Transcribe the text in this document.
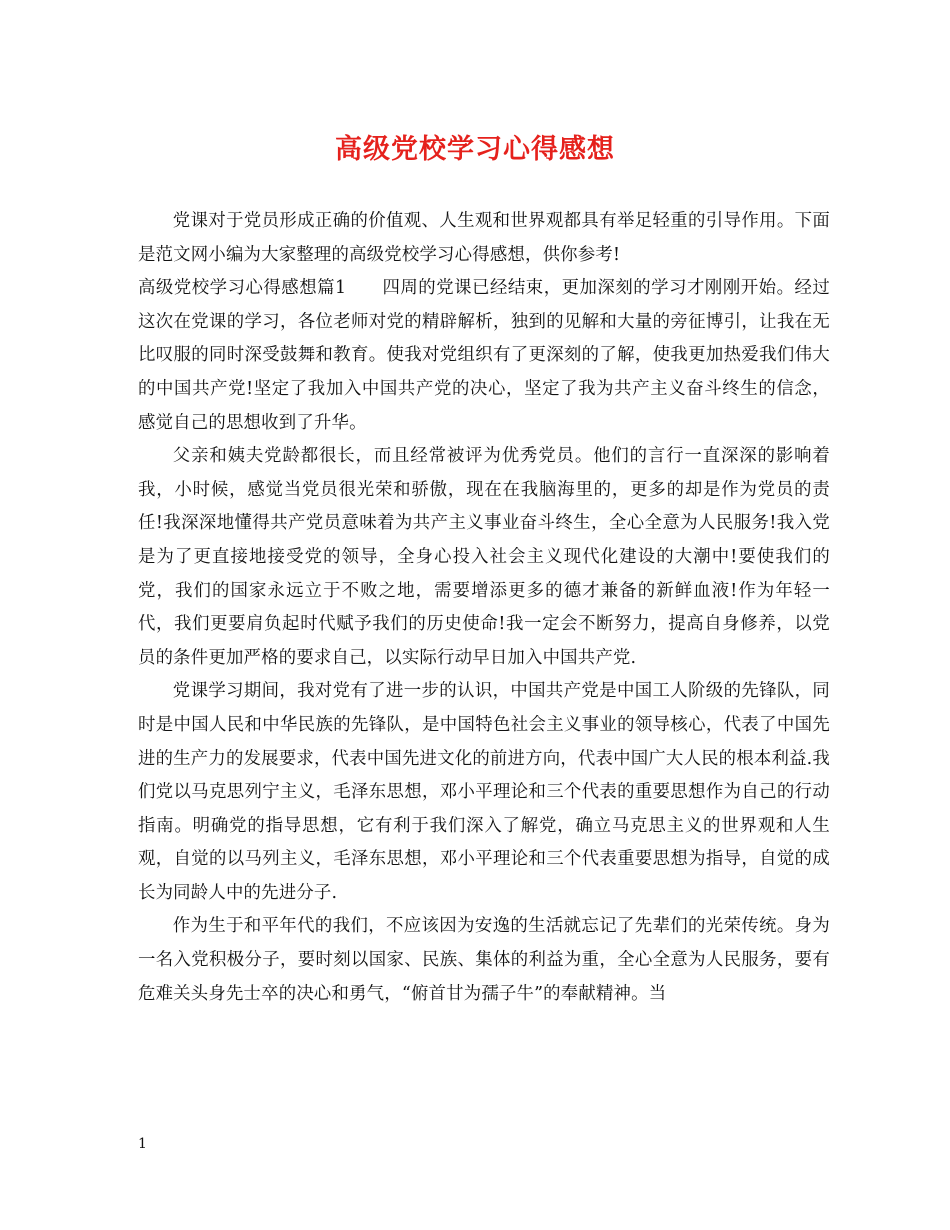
高级党校学习心得感想

党课对于党员形成正确的价值观、人生观和世界观都具有举足轻重的引导作用。下面是范文网小编为大家整理的高级党校学习心得感想，供你参考!

高级党校学习心得感想篇1　　四周的党课已经结束，更加深刻的学习才刚刚开始。经过这次在党课的学习，各位老师对党的精辟解析，独到的见解和大量的旁征博引，让我在无比叹服的同时深受鼓舞和教育。使我对党组织有了更深刻的了解，使我更加热爱我们伟大的中国共产党!坚定了我加入中国共产党的决心，坚定了我为共产主义奋斗终生的信念，感觉自己的思想收到了升华。

父亲和姨夫党龄都很长，而且经常被评为优秀党员。他们的言行一直深深的影响着我，小时候，感觉当党员很光荣和骄傲，现在在我脑海里的，更多的却是作为党员的责任!我深深地懂得共产党员意味着为共产主义事业奋斗终生，全心全意为人民服务!我入党是为了更直接地接受党的领导，全身心投入社会主义现代化建设的大潮中!要使我们的党，我们的国家永远立于不败之地，需要增添更多的德才兼备的新鲜血液!作为年轻一代，我们更要肩负起时代赋予我们的历史使命!我一定会不断努力，提高自身修养，以党员的条件更加严格的要求自己，以实际行动早日加入中国共产党.

党课学习期间，我对党有了进一步的认识，中国共产党是中国工人阶级的先锋队，同时是中国人民和中华民族的先锋队，是中国特色社会主义事业的领导核心，代表了中国先进的生产力的发展要求，代表中国先进文化的前进方向，代表中国广大人民的根本利益.我们党以马克思列宁主义，毛泽东思想，邓小平理论和三个代表的重要思想作为自己的行动指南。明确党的指导思想，它有利于我们深入了解党，确立马克思主义的世界观和人生观，自觉的以马列主义，毛泽东思想，邓小平理论和三个代表重要思想为指导，自觉的成长为同龄人中的先进分子.

作为生于和平年代的我们，不应该因为安逸的生活就忘记了先辈们的光荣传统。身为一名入党积极分子，要时刻以国家、民族、集体的利益为重，全心全意为人民服务，要有危难关头身先士卒的决心和勇气，“俯首甘为孺子牛”的奉献精神。当

1
